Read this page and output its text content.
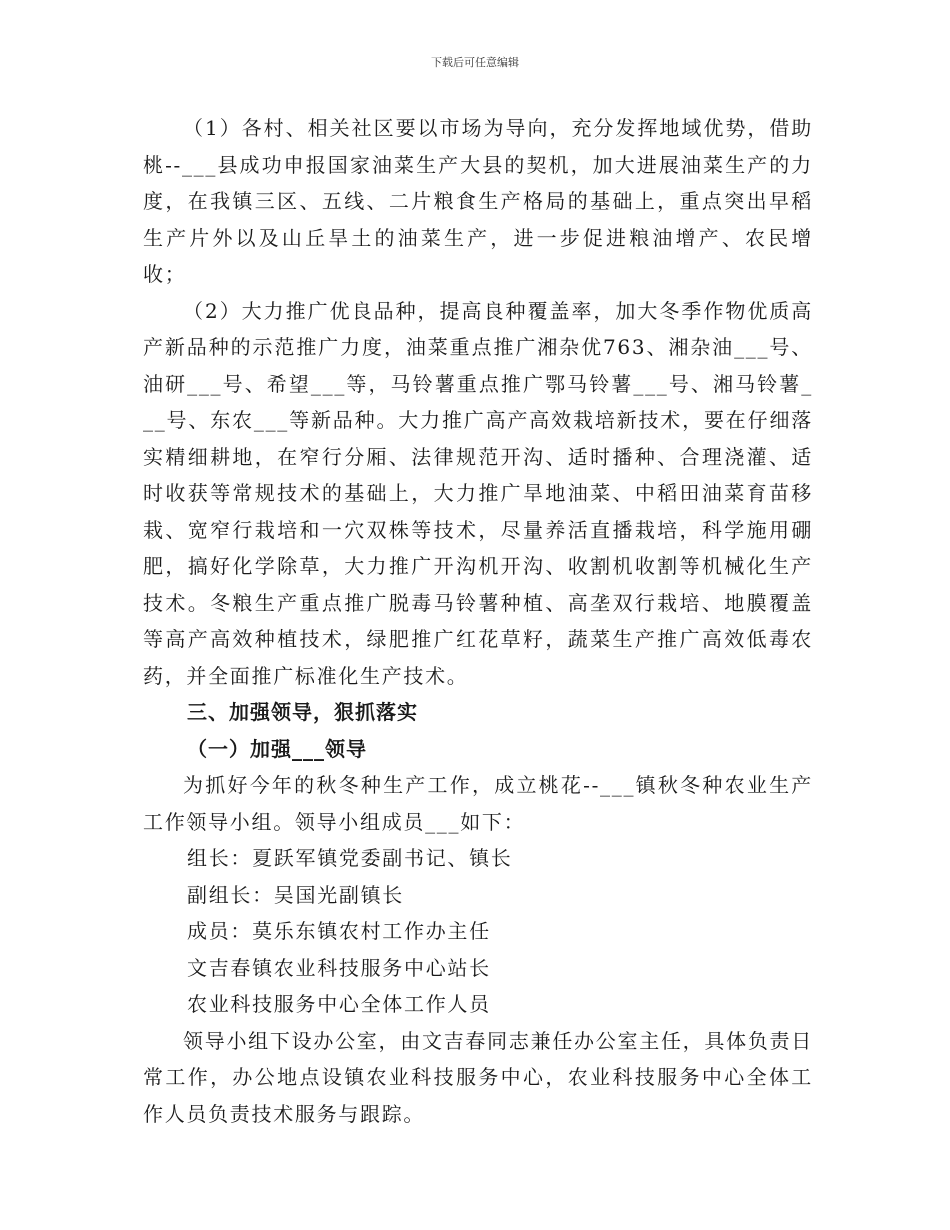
下载后可任意编辑

（1）各村、相关社区要以市场为导向，充分发挥地域优势，借助桃--___县成功申报国家油菜生产大县的契机，加大进展油菜生产的力度，在我镇三区、五线、二片粮食生产格局的基础上，重点突出早稻生产片外以及山丘旱土的油菜生产，进一步促进粮油增产、农民增收；

（2）大力推广优良品种，提高良种覆盖率，加大冬季作物优质高产新品种的示范推广力度，油菜重点推广湘杂优763、湘杂油___号、油研___号、希望___等，马铃薯重点推广鄂马铃薯___号、湘马铃薯___号、东农___等新品种。大力推广高产高效栽培新技术，要在仔细落实精细耕地，在窄行分厢、法律规范开沟、适时播种、合理浇灌、适时收获等常规技术的基础上，大力推广旱地油菜、中稻田油菜育苗移栽、宽窄行栽培和一穴双株等技术，尽量养活直播栽培，科学施用硼肥，搞好化学除草，大力推广开沟机开沟、收割机收割等机械化生产技术。冬粮生产重点推广脱毒马铃薯种植、高垄双行栽培、地膜覆盖等高产高效种植技术，绿肥推广红花草籽，蔬菜生产推广高效低毒农药，并全面推广标准化生产技术。

三、加强领导，狠抓落实

（一）加强___领导

为抓好今年的秋冬种生产工作，成立桃花--___镇秋冬种农业生产工作领导小组。领导小组成员___如下：

组长：夏跃军镇党委副书记、镇长

副组长：吴国光副镇长

成员：莫乐东镇农村工作办主任

文吉春镇农业科技服务中心站长

农业科技服务中心全体工作人员

领导小组下设办公室，由文吉春同志兼任办公室主任，具体负责日常工作，办公地点设镇农业科技服务中心，农业科技服务中心全体工作人员负责技术服务与跟踪。
